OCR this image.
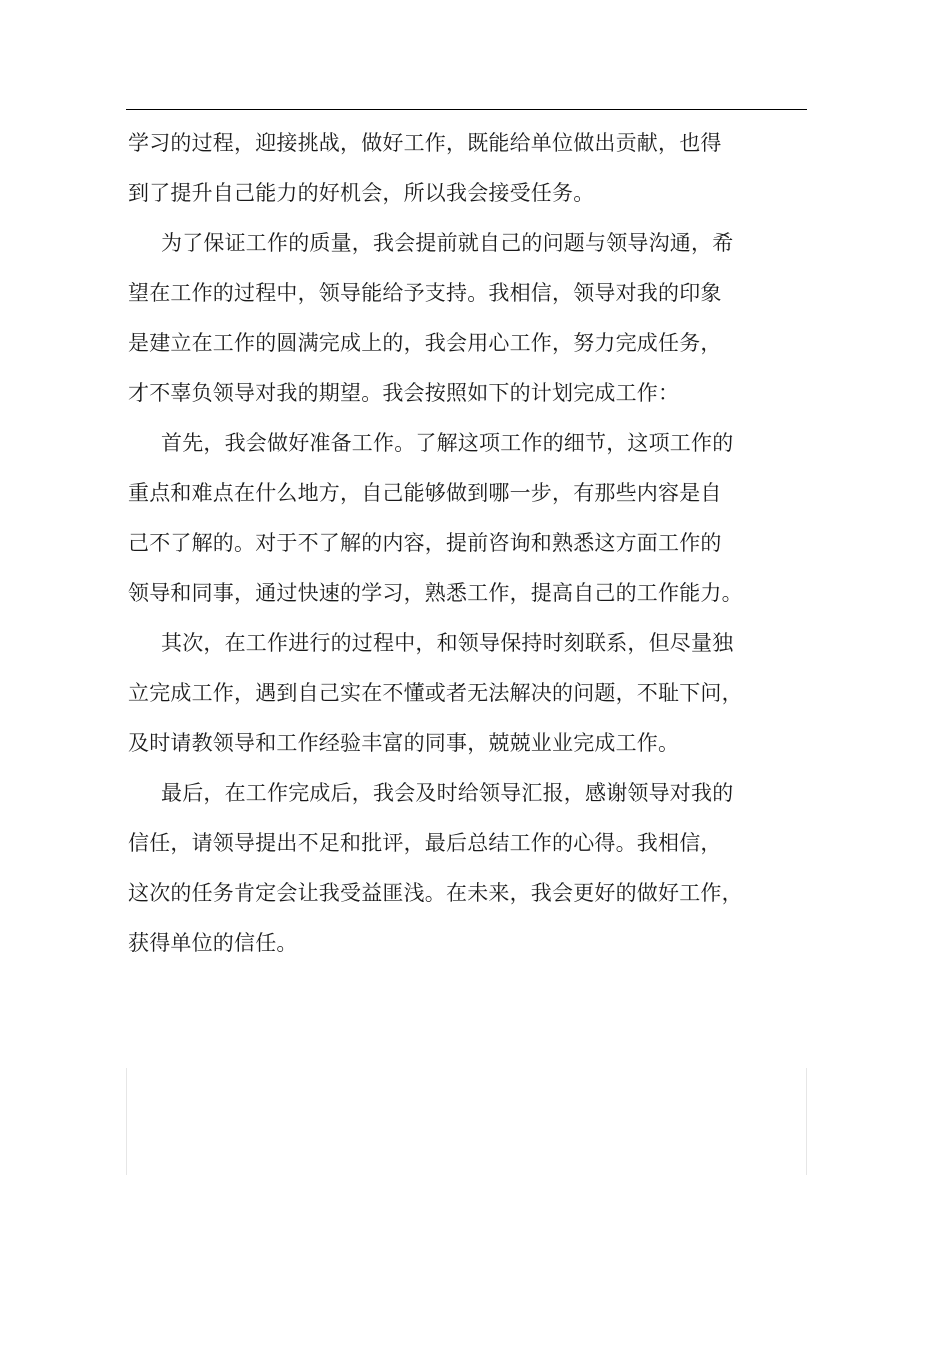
学习的过程，迎接挑战，做好工作，既能给单位做出贡献，也得
到了提升自己能力的好机会，所以我会接受任务。
为了保证工作的质量，我会提前就自己的问题与领导沟通，希
望在工作的过程中，领导能给予支持。我相信，领导对我的印象
是建立在工作的圆满完成上的，我会用心工作，努力完成任务，
才不辜负领导对我的期望。我会按照如下的计划完成工作：
首先，我会做好准备工作。了解这项工作的细节，这项工作的
重点和难点在什么地方，自己能够做到哪一步，有那些内容是自
己不了解的。对于不了解的内容，提前咨询和熟悉这方面工作的
领导和同事，通过快速的学习，熟悉工作，提高自己的工作能力。
其次，在工作进行的过程中，和领导保持时刻联系，但尽量独
立完成工作，遇到自己实在不懂或者无法解决的问题，不耻下问，
及时请教领导和工作经验丰富的同事，兢兢业业完成工作。
最后，在工作完成后，我会及时给领导汇报，感谢领导对我的
信任，请领导提出不足和批评，最后总结工作的心得。我相信，
这次的任务肯定会让我受益匪浅。在未来，我会更好的做好工作，
获得单位的信任。
